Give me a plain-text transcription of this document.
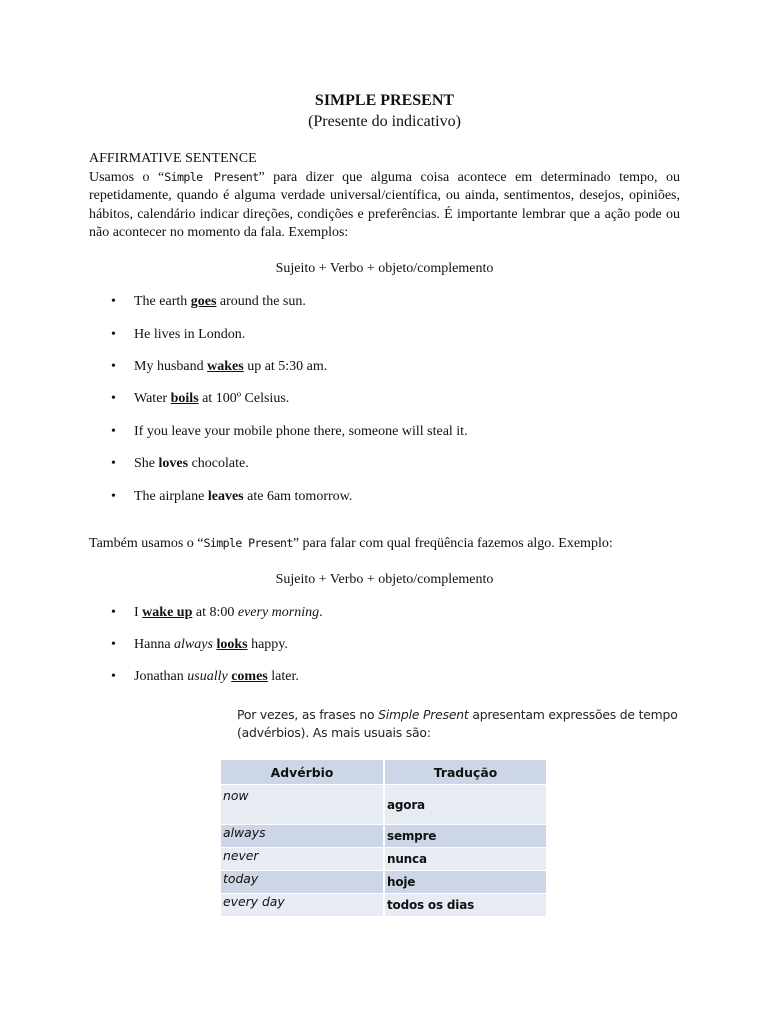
SIMPLE PRESENT
(Presente do indicativo)
AFFIRMATIVE SENTENCE
Usamos o “Simple Present” para dizer que alguma coisa acontece em determinado tempo, ou repetidamente, quando é alguma verdade universal/científica, ou ainda, sentimentos, desejos, opiniões, hábitos, calendário indicar direções, condições e preferências. É importante lembrar que a ação pode ou não acontecer no momento da fala. Exemplos:
Sujeito + Verbo + objeto/complemento
• The earth goes around the sun.
• He lives in London.
• My husband wakes up at 5:30 am.
• Water boils at 100º Celsius.
• If you leave your mobile phone there, someone will steal it.
• She loves chocolate.
• The airplane leaves ate 6am tomorrow.
Também usamos o “Simple Present” para falar com qual freqüência fazemos algo. Exemplo:
Sujeito + Verbo + objeto/complemento
• I wake up at 8:00 every morning.
• Hanna always looks happy.
• Jonathan usually comes later.
Por vezes, as frases no Simple Present apresentam expressões de tempo (advérbios). As mais usuais são:
Advérbio	Tradução
now	agora
always	sempre
never	nunca
today	hoje
every day	todos os dias
